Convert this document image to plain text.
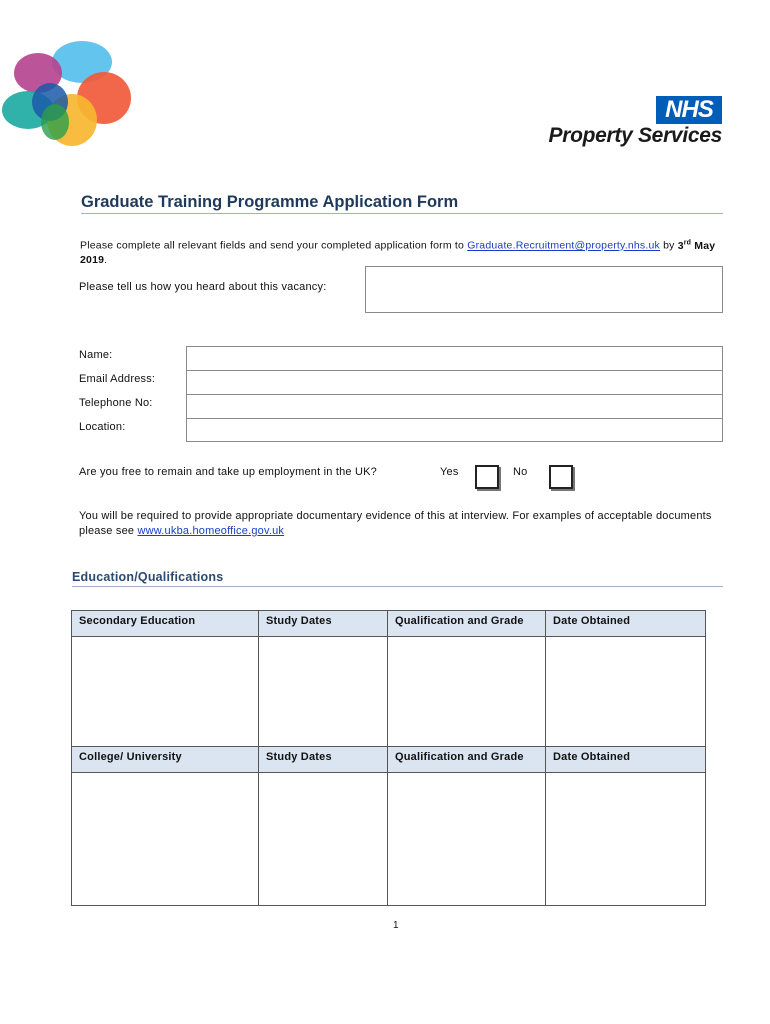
NHS
Property Services
Graduate Training Programme Application Form
Please complete all relevant fields and send your completed application form to Graduate.Recruitment@property.nhs.uk by 3rd May 2019.
Please tell us how you heard about this vacancy:
Name:
Email Address:
Telephone No:
Location:
Are you free to remain and take up employment in the UK?	Yes	No
You will be required to provide appropriate documentary evidence of this at interview. For examples of acceptable documents please see www.ukba.homeoffice.gov.uk
Education/Qualifications
Secondary Education	Study Dates	Qualification and Grade	Date Obtained

College/ University	Study Dates	Qualification and Grade	Date Obtained

1
